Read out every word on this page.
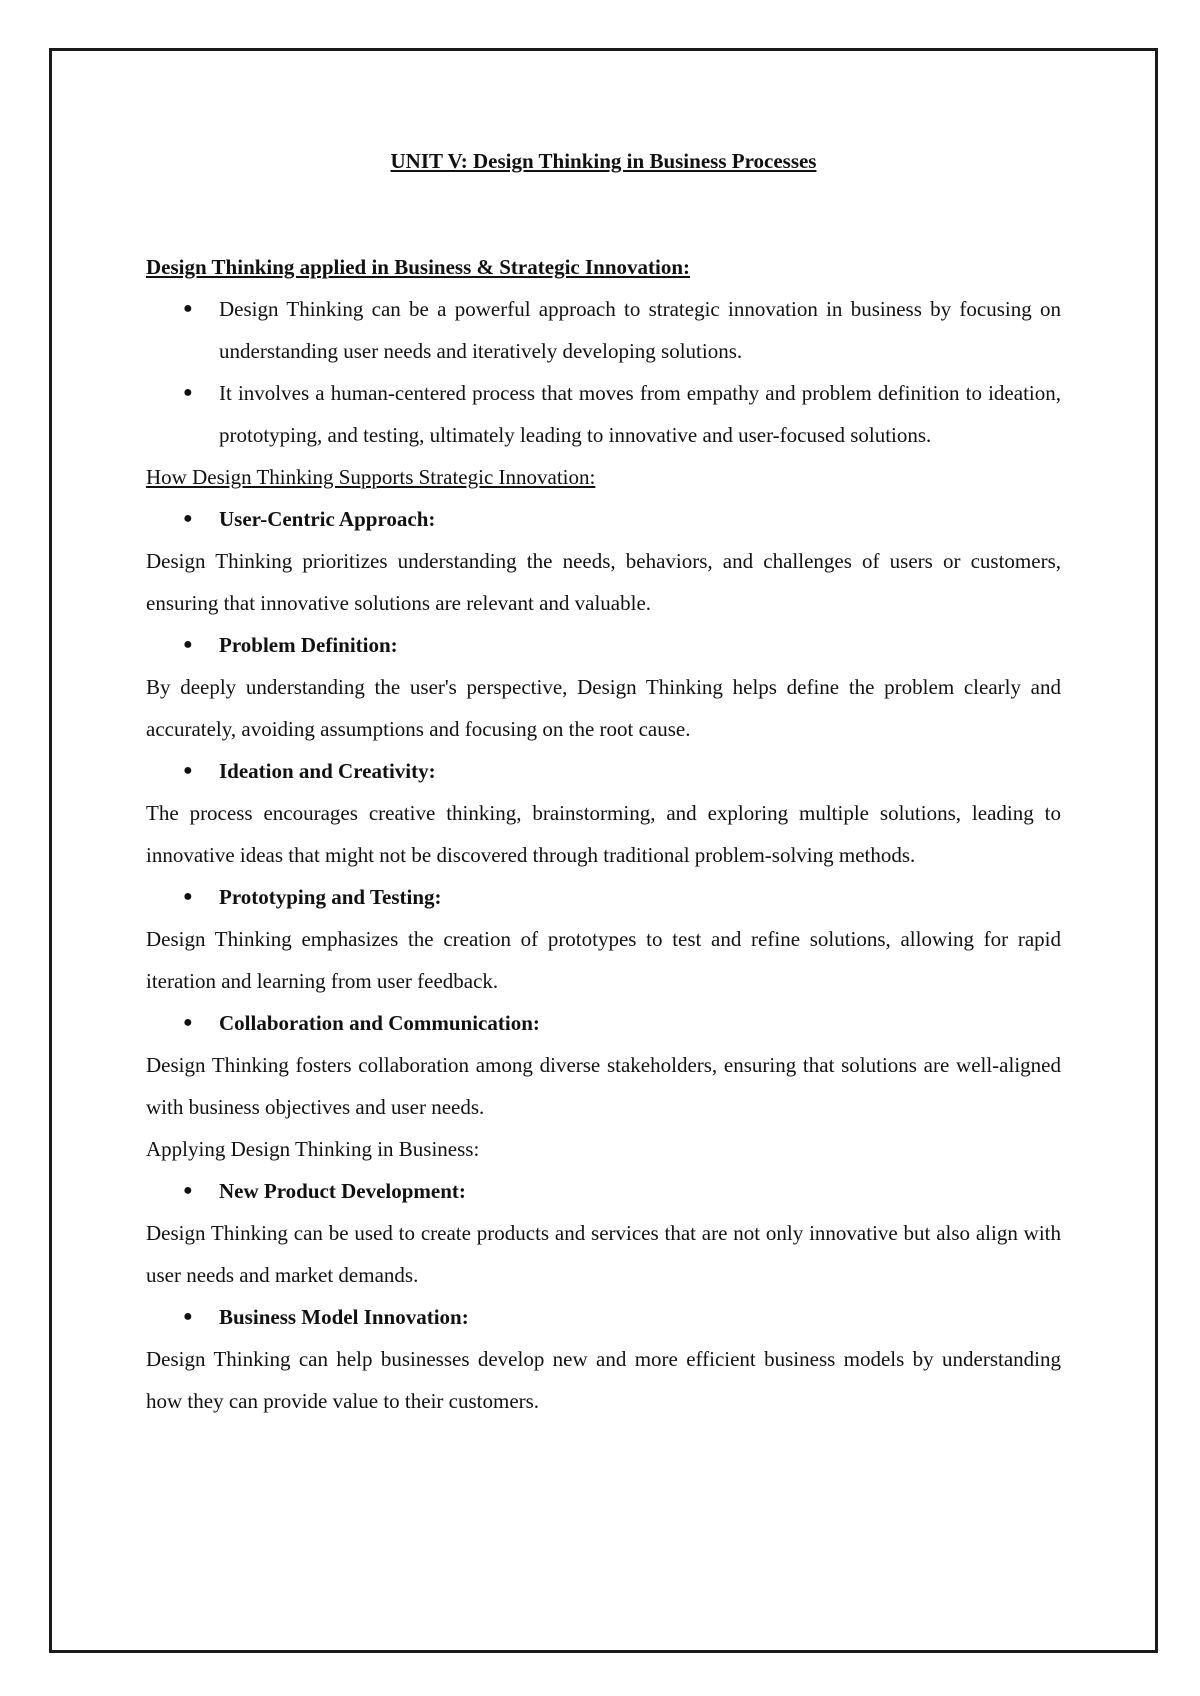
UNIT V: Design Thinking in Business Processes

Design Thinking applied in Business & Strategic Innovation:

● Design Thinking can be a powerful approach to strategic innovation in business by focusing on understanding user needs and iteratively developing solutions.
● It involves a human-centered process that moves from empathy and problem definition to ideation, prototyping, and testing, ultimately leading to innovative and user-focused solutions.

How Design Thinking Supports Strategic Innovation:

● User-Centric Approach:

Design Thinking prioritizes understanding the needs, behaviors, and challenges of users or customers, ensuring that innovative solutions are relevant and valuable.

● Problem Definition:

By deeply understanding the user's perspective, Design Thinking helps define the problem clearly and accurately, avoiding assumptions and focusing on the root cause.

● Ideation and Creativity:

The process encourages creative thinking, brainstorming, and exploring multiple solutions, leading to innovative ideas that might not be discovered through traditional problem-solving methods.

● Prototyping and Testing:

Design Thinking emphasizes the creation of prototypes to test and refine solutions, allowing for rapid iteration and learning from user feedback.

● Collaboration and Communication:

Design Thinking fosters collaboration among diverse stakeholders, ensuring that solutions are well-aligned with business objectives and user needs.

Applying Design Thinking in Business:

● New Product Development:

Design Thinking can be used to create products and services that are not only innovative but also align with user needs and market demands.

● Business Model Innovation:

Design Thinking can help businesses develop new and more efficient business models by understanding how they can provide value to their customers.
